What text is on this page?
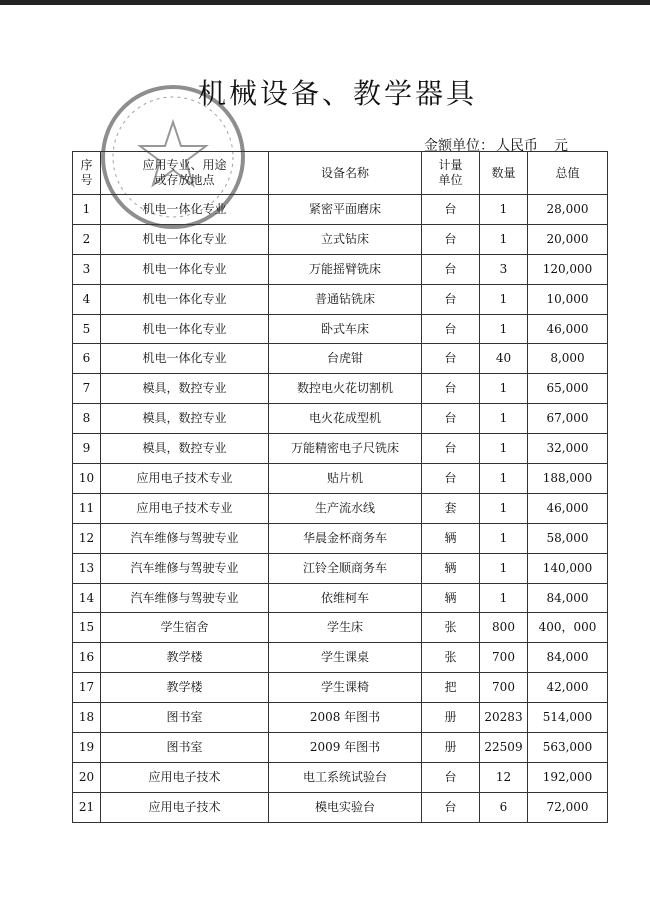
机械设备、教学器具
金额单位： 人民币 元
序号	应用专业、用途或存放地点	设备名称	计量单位	数量	总值
1	机电一体化专业	紧密平面磨床	台	1	28,000
2	机电一体化专业	立式钻床	台	1	20,000
3	机电一体化专业	万能摇臂铣床	台	3	120,000
4	机电一体化专业	普通钻铣床	台	1	10,000
5	机电一体化专业	卧式车床	台	1	46,000
6	机电一体化专业	台虎钳	台	40	8,000
7	模具，数控专业	数控电火花切割机	台	1	65,000
8	模具，数控专业	电火花成型机	台	1	67,000
9	模具，数控专业	万能精密电子尺铣床	台	1	32,000
10	应用电子技术专业	贴片机	台	1	188,000
11	应用电子技术专业	生产流水线	套	1	46,000
12	汽车维修与驾驶专业	华晨金杯商务车	辆	1	58,000
13	汽车维修与驾驶专业	江铃全顺商务车	辆	1	140,000
14	汽车维修与驾驶专业	依维柯车	辆	1	84,000
15	学生宿舍	学生床	张	800	400，000
16	教学楼	学生课桌	张	700	84,000
17	教学楼	学生课椅	把	700	42,000
18	图书室	2008 年图书	册	20283	514,000
19	图书室	2009 年图书	册	22509	563,000
20	应用电子技术	电工系统试验台	台	12	192,000
21	应用电子技术	模电实验台	台	6	72,000
